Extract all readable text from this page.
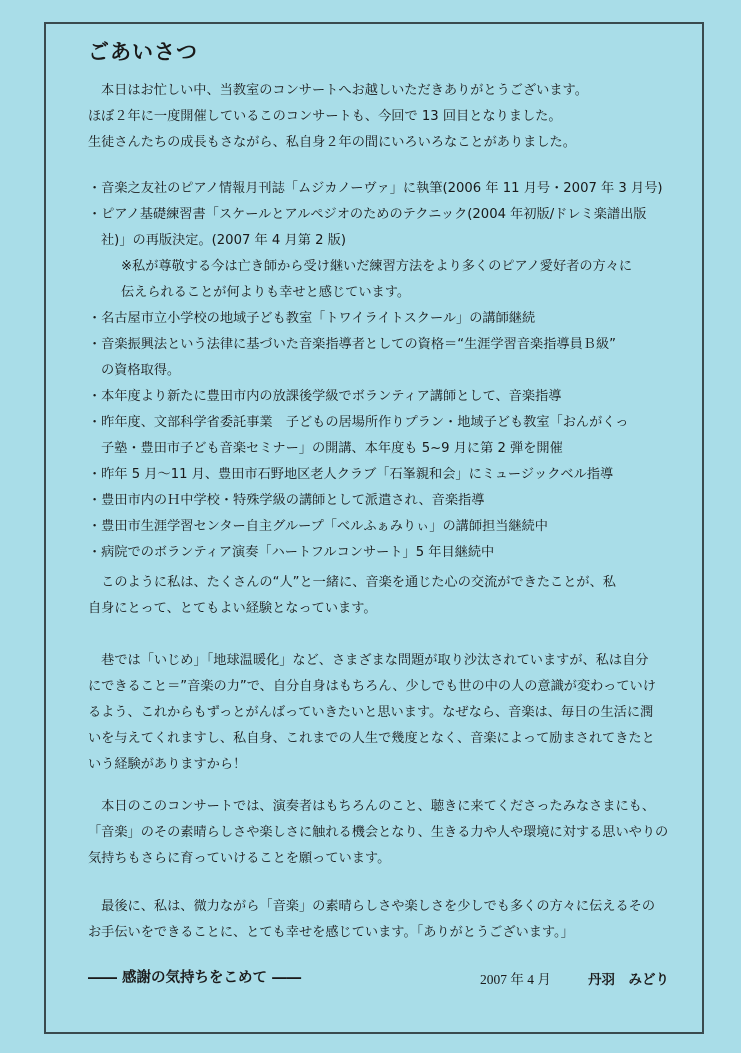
ごあいさつ
本日はお忙しい中、当教室のコンサートへお越しいただきありがとうございます。
ほぼ２年に一度開催しているこのコンサートも、今回で 13 回目となりました。
生徒さんたちの成長もさながら、私自身２年の間にいろいろなことがありました。
・音楽之友社のピアノ情報月刊誌「ムジカノーヴァ」に執筆(2006 年 11 月号・2007 年 3 月号)
・ピアノ基礎練習書「スケールとアルペジオのためのテクニック(2004 年初版/ドレミ楽譜出版
社)」の再版決定。(2007 年 4 月第 2 版)
※私が尊敬する今は亡き師から受け継いだ練習方法をより多くのピアノ愛好者の方々に
伝えられることが何よりも幸せと感じています。
・名古屋市立小学校の地域子ども教室「トワイライトスクール」の講師継続
・音楽振興法という法律に基づいた音楽指導者としての資格＝“生涯学習音楽指導員Ｂ級”
の資格取得。
・本年度より新たに豊田市内の放課後学級でボランティア講師として、音楽指導
・昨年度、文部科学省委託事業　子どもの居場所作りプラン・地域子ども教室「おんがくっ
子塾・豊田市子ども音楽セミナー」の開講、本年度も 5~9 月に第 2 弾を開催
・昨年 5 月～11 月、豊田市石野地区老人クラブ「石峯親和会」にミュージックベル指導
・豊田市内のＨ中学校・特殊学級の講師として派遣され、音楽指導
・豊田市生涯学習センター自主グループ「べルふぁみりぃ」の講師担当継続中
・病院でのボランティア演奏「ハートフルコンサート」5 年目継続中
　このように私は、たくさんの“人”と一緒に、音楽を通じた心の交流ができたことが、私
自身にとって、とてもよい経験となっています。
　巷では「いじめ」「地球温暖化」など、さまざまな問題が取り沙汰されていますが、私は自分
にできること＝”音楽の力”で、自分自身はもちろん、少しでも世の中の人の意識が変わっていけ
るよう、これからもずっとがんばっていきたいと思います。なぜなら、音楽は、毎日の生活に潤
いを与えてくれますし、私自身、これまでの人生で幾度となく、音楽によって励まされてきたと
いう経験がありますから！
　本日のこのコンサートでは、演奏者はもちろんのこと、聴きに来てくださったみなさまにも、
「音楽」のその素晴らしさや楽しさに触れる機会となり、生きる力や人や環境に対する思いやりの
気持ちもさらに育っていけることを願っています。
　最後に、私は、微力ながら「音楽」の素晴らしさや楽しさを少しでも多くの方々に伝えるその
お手伝いをできることに、とても幸せを感じています。「ありがとうございます。」
―― 感謝の気持ちをこめて ――	2007 年 4 月	丹羽　みどり
